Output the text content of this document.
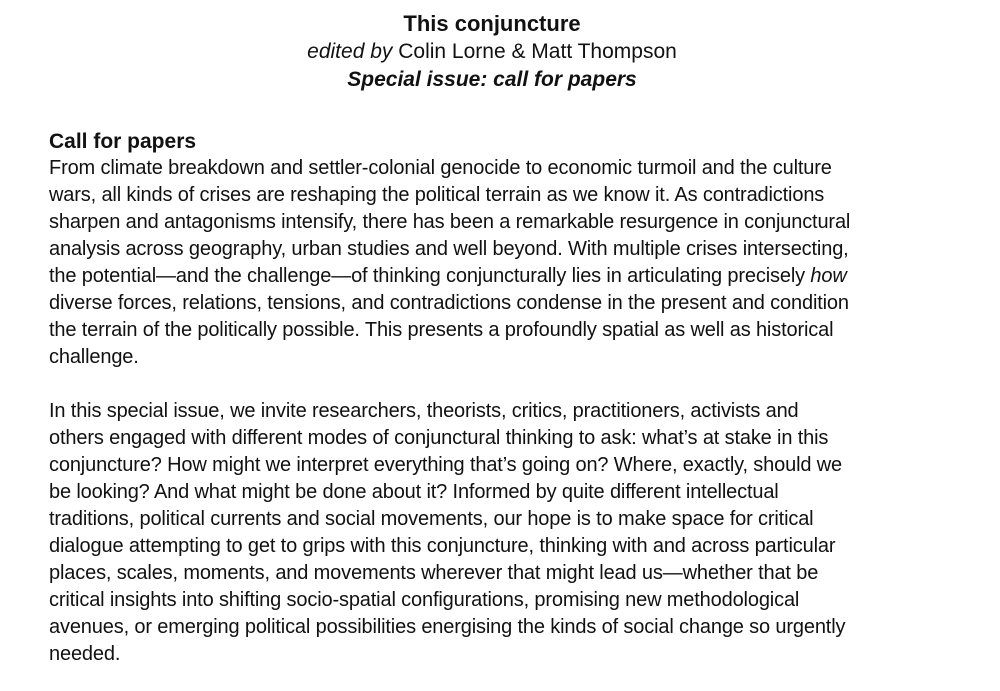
This conjuncture

edited by Colin Lorne & Matt Thompson

Special issue: call for papers

Call for papers

From climate breakdown and settler-colonial genocide to economic turmoil and the culture
wars, all kinds of crises are reshaping the political terrain as we know it. As contradictions
sharpen and antagonisms intensify, there has been a remarkable resurgence in conjunctural
analysis across geography, urban studies and well beyond. With multiple crises intersecting,
the potential—and the challenge—of thinking conjuncturally lies in articulating precisely how
diverse forces, relations, tensions, and contradictions condense in the present and condition
the terrain of the politically possible. This presents a profoundly spatial as well as historical
challenge.

In this special issue, we invite researchers, theorists, critics, practitioners, activists and
others engaged with different modes of conjunctural thinking to ask: what’s at stake in this
conjuncture? How might we interpret everything that’s going on? Where, exactly, should we
be looking? And what might be done about it? Informed by quite different intellectual
traditions, political currents and social movements, our hope is to make space for critical
dialogue attempting to get to grips with this conjuncture, thinking with and across particular
places, scales, moments, and movements wherever that might lead us—whether that be
critical insights into shifting socio-spatial configurations, promising new methodological
avenues, or emerging political possibilities energising the kinds of social change so urgently
needed.
